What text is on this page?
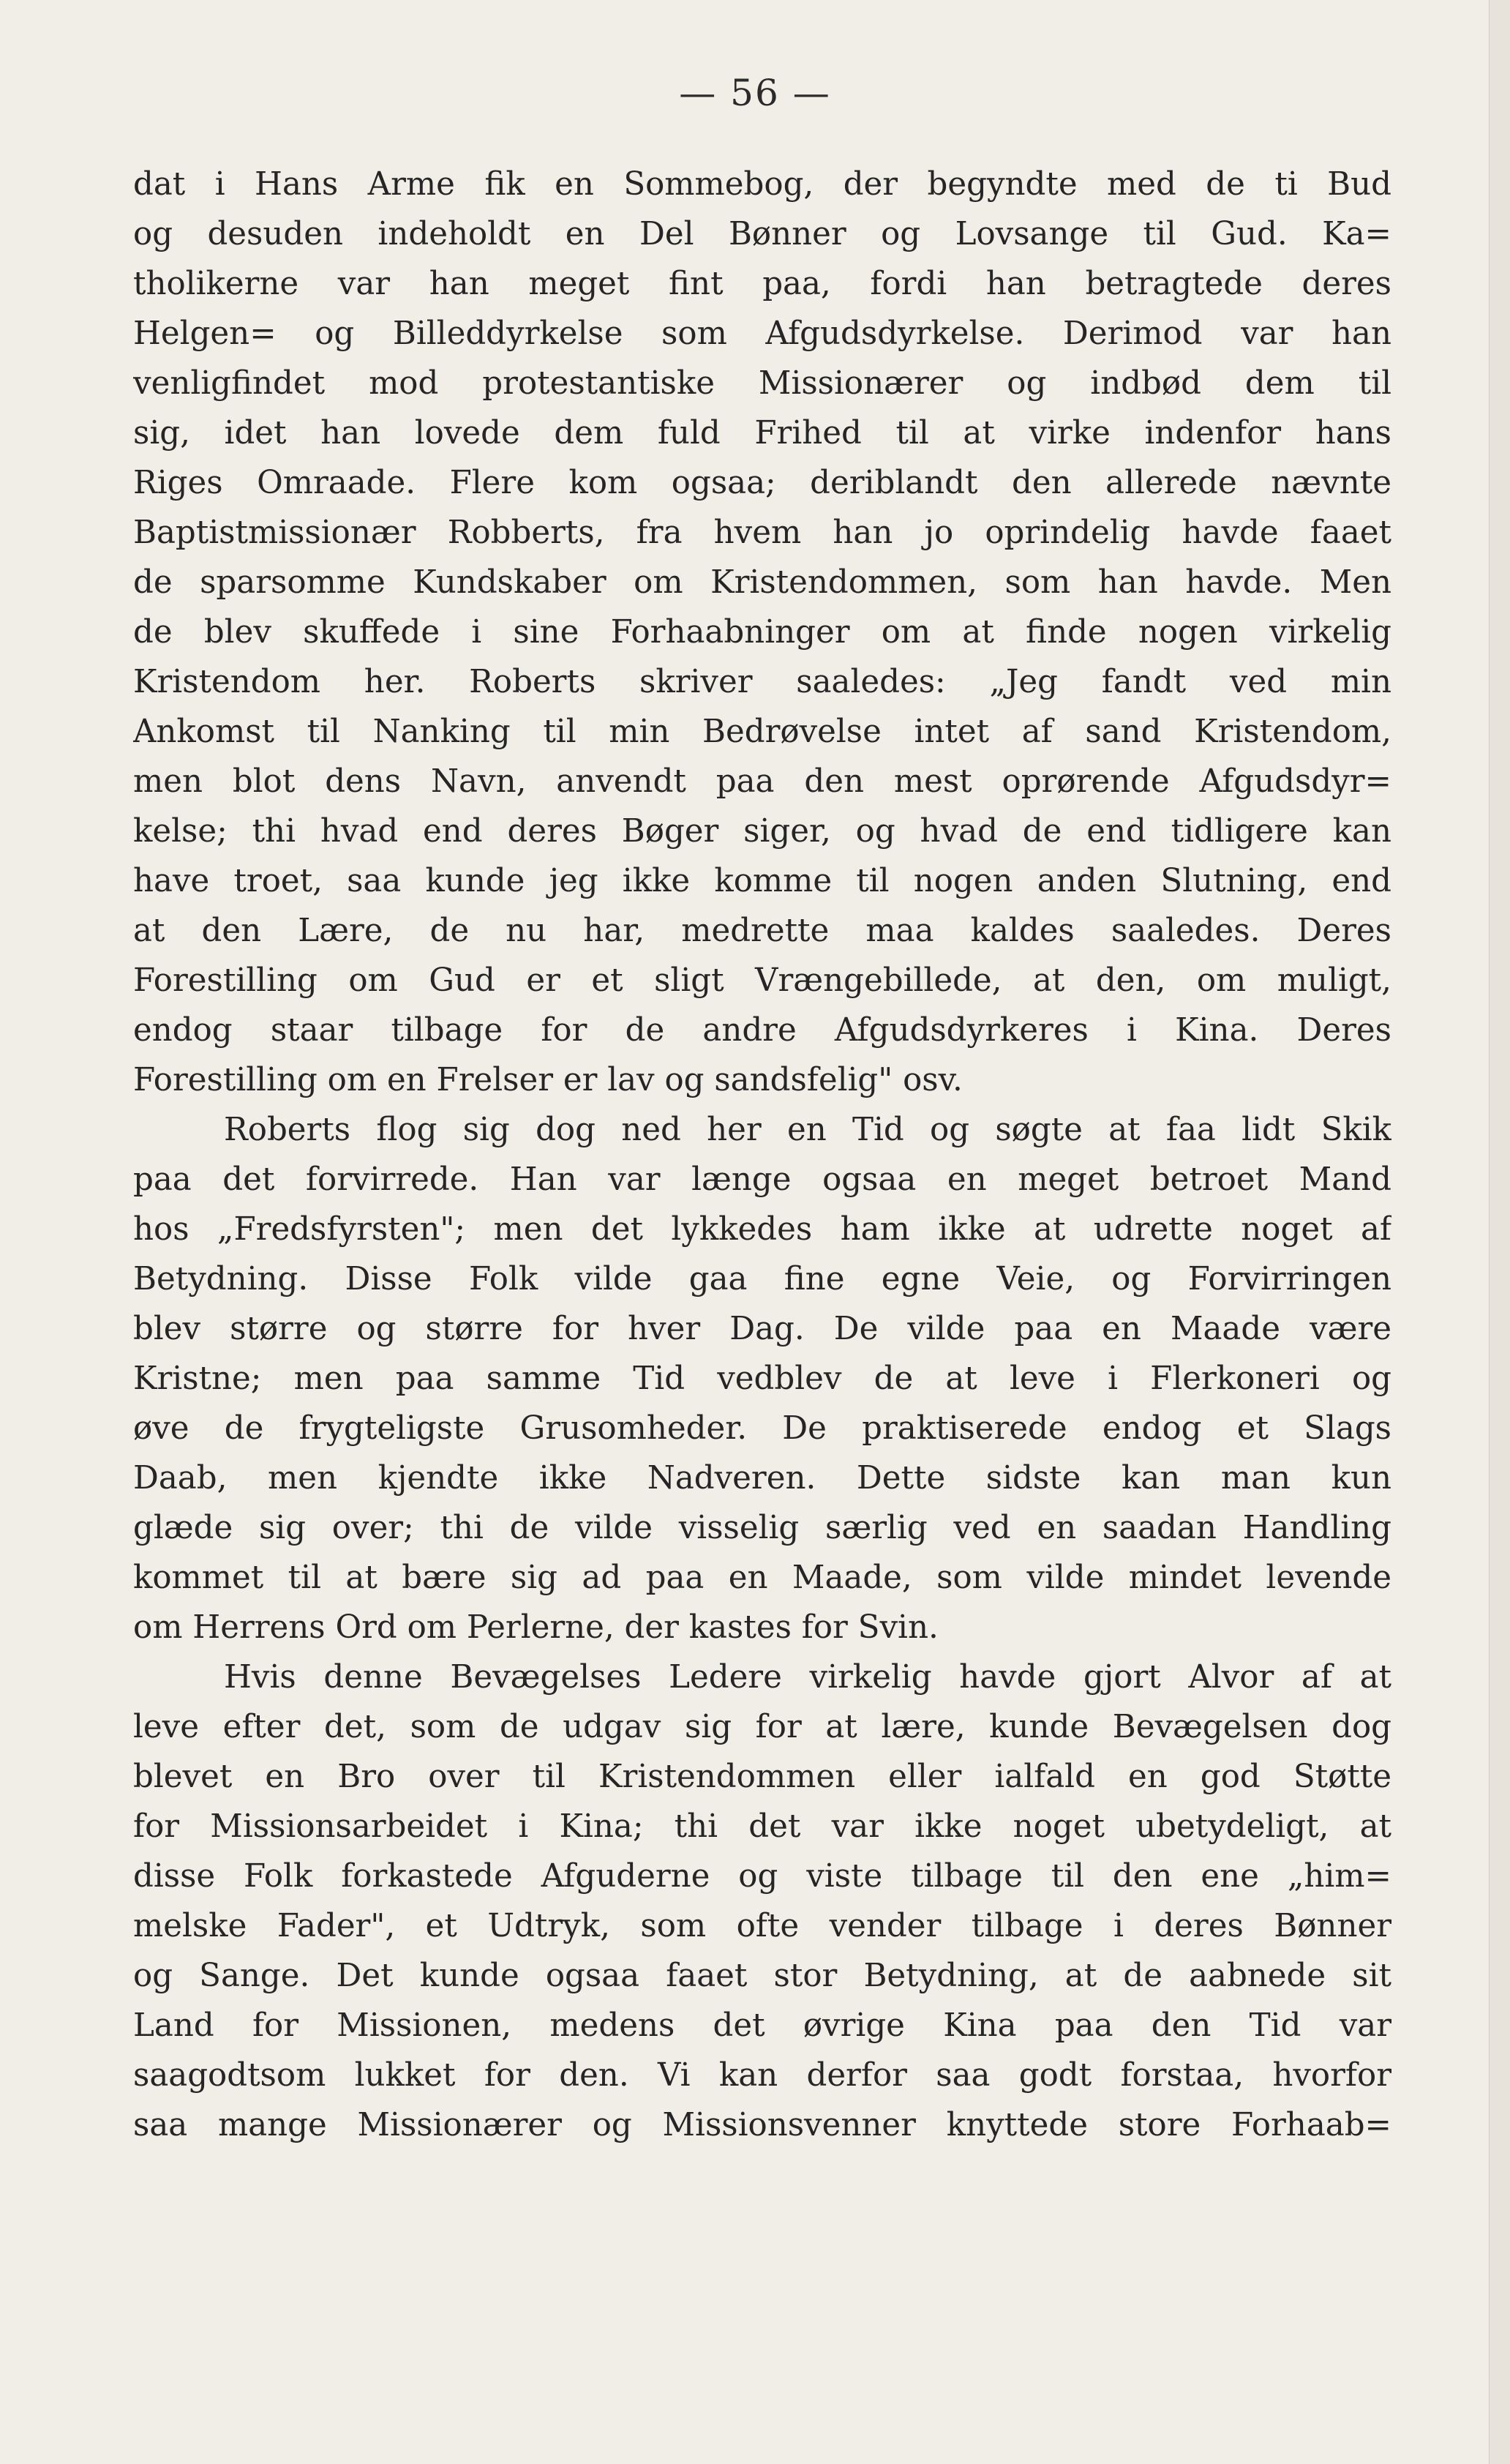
— 56 —
dat i Hans Arme fik en Sommebog, der begyndte med de ti Bud
og desuden indeholdt en Del Bønner og Lovsange til Gud. Ka=
tholikerne var han meget fint paa, fordi han betragtede deres
Helgen= og Billeddyrkelse som Afgudsdyrkelse. Derimod var han
venligfindet mod protestantiske Missionærer og indbød dem til
sig, idet han lovede dem fuld Frihed til at virke indenfor hans
Riges Omraade. Flere kom ogsaa; deriblandt den allerede nævnte
Baptistmissionær Robberts, fra hvem han jo oprindelig havde faaet
de sparsomme Kundskaber om Kristendommen, som han havde. Men
de blev skuffede i sine Forhaabninger om at finde nogen virkelig
Kristendom her. Roberts skriver saaledes: „Jeg fandt ved min
Ankomst til Nanking til min Bedrøvelse intet af sand Kristendom,
men blot dens Navn, anvendt paa den mest oprørende Afgudsdyr=
kelse; thi hvad end deres Bøger siger, og hvad de end tidligere kan
have troet, saa kunde jeg ikke komme til nogen anden Slutning, end
at den Lære, de nu har, medrette maa kaldes saaledes. Deres
Forestilling om Gud er et sligt Vrængebillede, at den, om muligt,
endog staar tilbage for de andre Afgudsdyrkeres i Kina. Deres
Forestilling om en Frelser er lav og sandsfelig" osv.
Roberts flog sig dog ned her en Tid og søgte at faa lidt Skik
paa det forvirrede. Han var længe ogsaa en meget betroet Mand
hos „Fredsfyrsten"; men det lykkedes ham ikke at udrette noget af
Betydning. Disse Folk vilde gaa fine egne Veie, og Forvirringen
blev større og større for hver Dag. De vilde paa en Maade være
Kristne; men paa samme Tid vedblev de at leve i Flerkoneri og
øve de frygteligste Grusomheder. De praktiserede endog et Slags
Daab, men kjendte ikke Nadveren. Dette sidste kan man kun
glæde sig over; thi de vilde visselig særlig ved en saadan Handling
kommet til at bære sig ad paa en Maade, som vilde mindet levende
om Herrens Ord om Perlerne, der kastes for Svin.
Hvis denne Bevægelses Ledere virkelig havde gjort Alvor af at
leve efter det, som de udgav sig for at lære, kunde Bevægelsen dog
blevet en Bro over til Kristendommen eller ialfald en god Støtte
for Missionsarbeidet i Kina; thi det var ikke noget ubetydeligt, at
disse Folk forkastede Afguderne og viste tilbage til den ene „him=
melske Fader", et Udtryk, som ofte vender tilbage i deres Bønner
og Sange. Det kunde ogsaa faaet stor Betydning, at de aabnede sit
Land for Missionen, medens det øvrige Kina paa den Tid var
saagodtsom lukket for den. Vi kan derfor saa godt forstaa, hvorfor
saa mange Missionærer og Missionsvenner knyttede store Forhaab=
